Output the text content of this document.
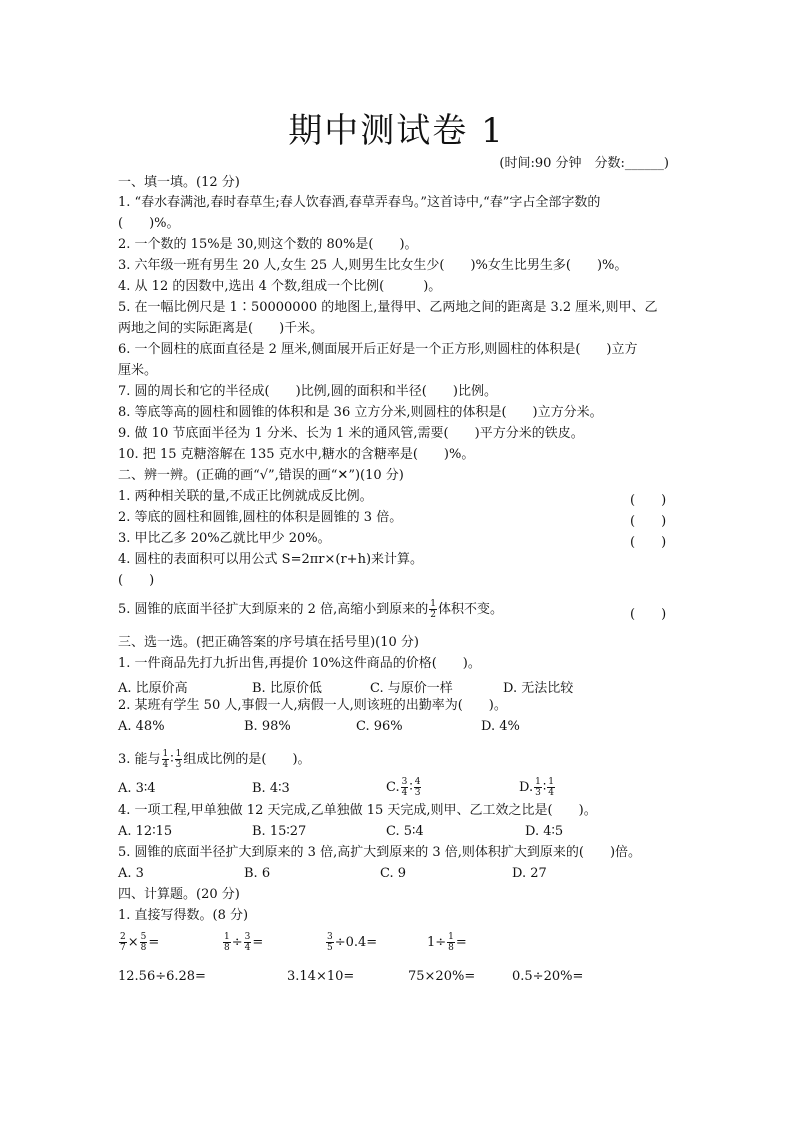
期中测试卷 1
(时间:90 分钟　分数:______)
一、填一填。(12 分)
1. “春水春满池,春时春草生;春人饮春酒,春草弄春鸟。”这首诗中,“春”字占全部字数的
(　　)%。
2. 一个数的 15%是 30,则这个数的 80%是(　　)。
3. 六年级一班有男生 20 人,女生 25 人,则男生比女生少(　　)%女生比男生多(　　)%。
4. 从 12 的因数中,选出 4 个数,组成一个比例(　　　)。
5. 在一幅比例尺是 1∶50000000 的地图上,量得甲、乙两地之间的距离是 3.2 厘米,则甲、乙
两地之间的实际距离是(　　)千米。
6. 一个圆柱的底面直径是 2 厘米,侧面展开后正好是一个正方形,则圆柱的体积是(　　)立方
厘米。
7. 圆的周长和它的半径成(　　)比例,圆的面积和半径(　　)比例。
8. 等底等高的圆柱和圆锥的体积和是 36 立方分米,则圆柱的体积是(　　)立方分米。
9. 做 10 节底面半径为 1 分米、长为 1 米的通风管,需要(　　)平方分米的铁皮。
10. 把 15 克糖溶解在 135 克水中,糖水的含糖率是(　　)%。
二、辨一辨。(正确的画“√”,错误的画“✕”)(10 分)
1. 两种相关联的量,不成正比例就成反比例。	(　　)
2. 等底的圆柱和圆锥,圆柱的体积是圆锥的 3 倍。	(　　)
3. 甲比乙多 20%乙就比甲少 20%。	(　　)
4. 圆柱的表面积可以用公式 S=2πr×(r+h)来计算。
(　　)
5. 圆锥的底面半径扩大到原来的 2 倍,高缩小到原来的 $\frac{1}{2}$ 体积不变。	(　　)
三、选一选。(把正确答案的序号填在括号里)(10 分)
1. 一件商品先打九折出售,再提价 10%这件商品的价格(　　)。
A. 比原价高	B. 比原价低	C. 与原价一样	D. 无法比较
2. 某班有学生 50 人,事假一人,病假一人,则该班的出勤率为(　　)。
A. 48%	B. 98%	C. 96%	D. 4%
3. 能与 $\frac{1}{4}$ ∶ $\frac{1}{3}$ 组成比例的是(　　)。
A. 3∶4	B. 4∶3	C. $\frac{3}{4}$ ∶ $\frac{4}{3}$	D. $\frac{1}{3}$ ∶ $\frac{1}{4}$
4. 一项工程,甲单独做 12 天完成,乙单独做 15 天完成,则甲、乙工效之比是(　　)。
A. 12∶15	B. 15∶27	C. 5∶4	D. 4∶5
5. 圆锥的底面半径扩大到原来的 3 倍,高扩大到原来的 3 倍,则体积扩大到原来的(　　)倍。
A. 3	B. 6	C. 9	D. 27
四、计算题。(20 分)
1. 直接写得数。(8 分)
$\frac{2}{7} \times \frac{5}{8}$ =	$\frac{1}{8} \div \frac{3}{4}$ =	$\frac{3}{5} \div 0.4=$	$1\div \frac{1}{8}$ =
12.56÷6.28=	3.14×10=	75×20%=	0.5÷20%=
